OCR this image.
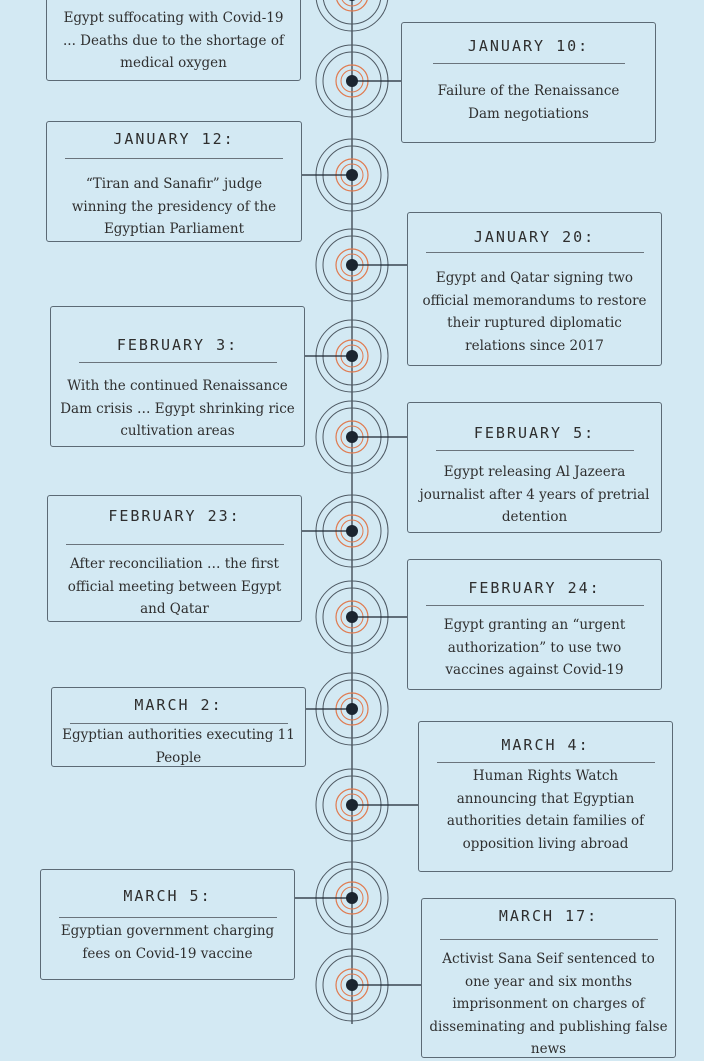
Egypt suffocating with Covid-19 ... Deaths due to the shortage of medical oxygen
JANUARY 10:
Failure of the Renaissance Dam negotiations
JANUARY 12:
“Tiran and Sanafir” judge winning the presidency of the Egyptian Parliament	JANUARY 20:
Egypt and Qatar signing two official memorandums to restore their ruptured diplomatic relations since 2017
FEBRUARY 3:
With the continued Renaissance Dam crisis … Egypt shrinking rice cultivation areas	FEBRUARY 5:
Egypt releasing Al Jazeera journalist after 4 years of pretrial detention
FEBRUARY 23:
After reconciliation … the first official meeting between Egypt and Qatar
FEBRUARY 24:
Egypt granting an “urgent authorization” to use two vaccines against Covid-19
MARCH 2:
Egyptian authorities executing 11 People
MARCH 4:
Human Rights Watch announcing that Egyptian authorities detain families of opposition living abroad
MARCH 5:
Egyptian government charging fees on Covid-19 vaccine
MARCH 17:
Activist Sana Seif sentenced to one year and six months imprisonment on charges of disseminating and publishing false news
